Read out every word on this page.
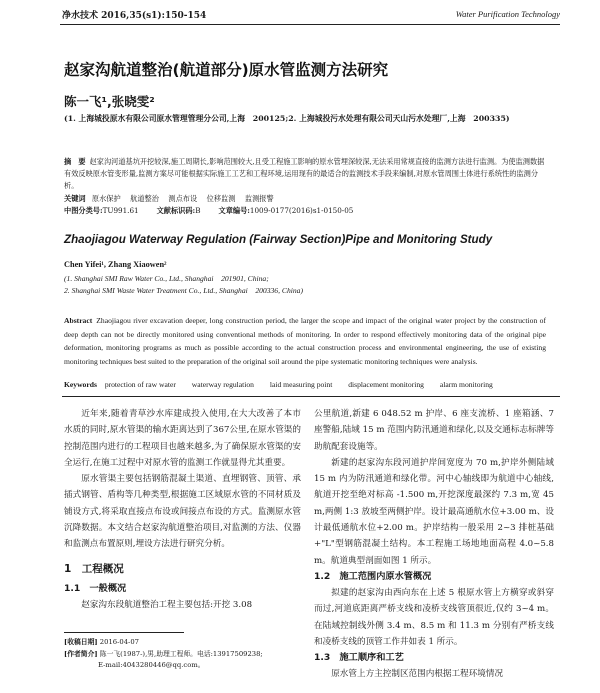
净水技术 2016,35(s1):150-154	Water Purification Technology
赵家沟航道整治(航道部分)原水管监测方法研究
陈一飞¹,张晓雯²
(1. 上海城投原水有限公司原水管理管理分公司,上海　200125;2. 上海城投污水处理有限公司天山污水处理厂,上海　200335)
摘　要 赵家沟河道基坑开挖较深,施工周期长,影响范围较大,且受工程施工影响的原水管埋深较深,无法采用常规直接的监测方法进行监测。为使监测数据有效反映原水管变形量,监测方案尽可能根据实际施工工艺和工程环境,运用现有的最适合的监测技术手段来编制,对原水管周围土体进行系统性的监测分析。
关键词 原水保护　 航道整治　 测点布设　 位移监测　 监测报警
中图分类号:TU991.61	文献标识码:B	文章编号:1009-0177(2016)s1-0150-05
Zhaojiagou Waterway Regulation (Fairway Section)Pipe and Monitoring Study
Chen Yifei¹, Zhang Xiaowen²
(1. Shanghai SMI Raw Water Co., Ltd., Shanghai　201901, China;
2. Shanghai SMI Waste Water Treatment Co., Ltd., Shanghai　200336, China)
Abstract Zhaojiagou river excavation deeper, long construction period, the larger the scope and impact of the original water project by the construction of deep depth can not be directly monitored using conventional methods of monitoring. In order to respond effectively monitoring data of the original pipe deformation, monitoring programs as much as possible according to the actual construction process and environmental engineering, the use of existing monitoring techniques best suited to the preparation of the original soil around the pipe systematic monitoring techniques were analysis.
Keywords protection of raw water waterway regulation laid measuring point displacement monitoring alarm monitoring

近年来,随着青草沙水库建成投入使用,在大大改善了本市水质的同时,原水管渠的输水距离达到了367公里,在原水管渠的控制范围内进行的工程项目也越来越多,为了确保原水管渠的安全运行,在施工过程中对原水管的监测工作就显得尤其重要。

原水管渠主要包括钢筋混凝土渠道、直埋钢管、顶管、承插式钢管、盾构等几种类型,根据施工区域原水管的不同材质及铺设方式,将采取直接点布设或间接点布设的方式。监测原水管沉降数据。本文结合赵家沟航道整治项目,对监测的方法、仪器和监测点布置原则,埋设方法进行研究分析。

1　工程概况
1.1　一般概况

赵家沟东段航道整治工程主要包括:开挖 3.08

公里航道,新建 6 048.52 m 护岸、6 座支流桥、1 座箱涵、7 座警船,陆域 15 m 范围内防汛通道和绿化,以及交通标志标牌等助航配套设施等。

新建的赵家沟东段河道护岸间宽度为 70 m,护岸外侧陆域 15 m 内为防汛通道和绿化带。河中心轴线即为航道中心轴线,航道开挖至绝对标高 -1.500 m,开挖深度最深约 7.3 m,宽 45 m,两侧 1:3 放坡至两侧护岸。设计最高通航水位+3.00 m、设计最低通航水位+2.00 m。护岸结构一般采用 2~3 排桩基础+"L"型钢筋混凝土结构。本工程施工场地地面高程 4.0~5.8 m。航道典型剖面如图 1 所示。

1.2　施工范围内原水管概况

拟建的赵家沟由西向东在上述 5 根原水管上方横穿或斜穿而过,河道底距离严桥支线和凌桥支线管顶很近,仅约 3~4 m。在陆域控制线外侧 3.4 m、8.5 m 和 11.3 m 分别有严桥支线和凌桥支线的顶管工作井如表 1 所示。

1.3　施工顺序和工艺

原水管上方主控制区范围内根据工程环境情况

[收稿日期] 2016-04-07
[作者简介] 陈一飞(1987-),男,助理工程师。电话:13917509238;
E-mail:4043280446@qq.com。
